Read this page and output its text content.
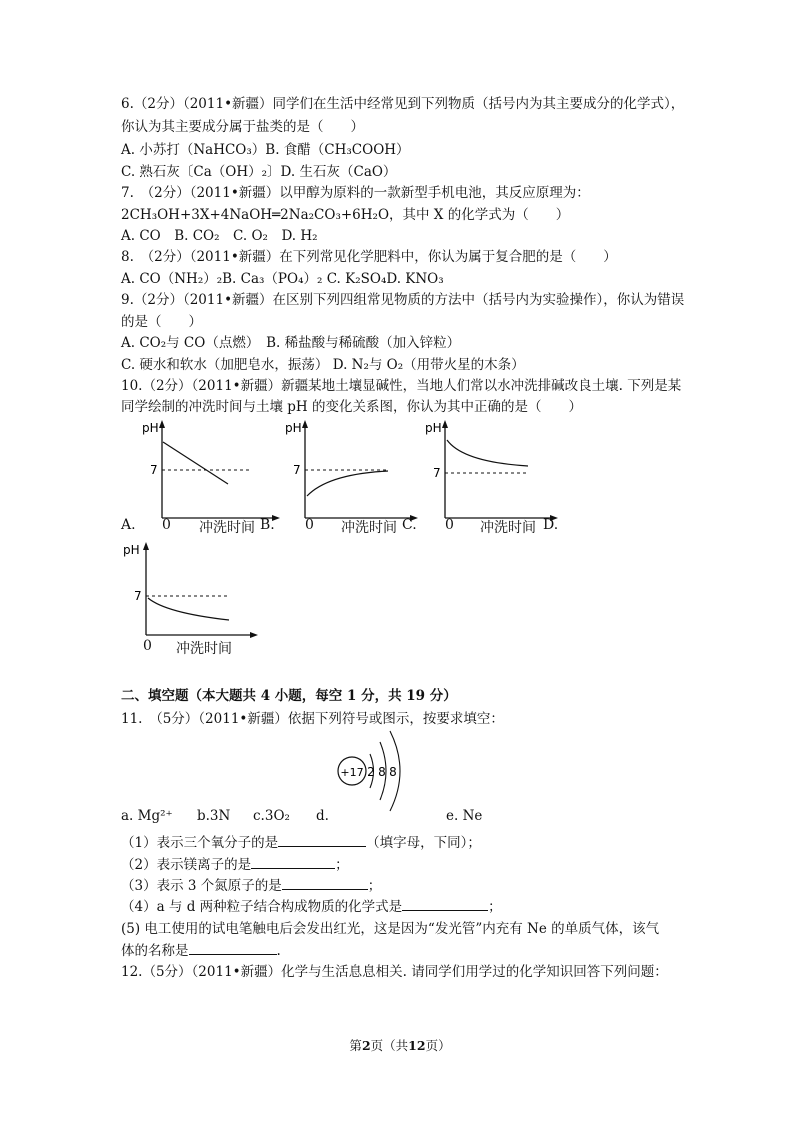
6.（2分）（2011•新疆）同学们在生活中经常见到下列物质（括号内为其主要成分的化学式），
你认为其主要成分属于盐类的是（　　）
A. 小苏打（NaHCO₃）B. 食醋（CH₃COOH）
C. 熟石灰〔Ca（OH）₂〕D. 生石灰（CaO）
7.　（2分）（2011•新疆）以甲醇为原料的一款新型手机电池，其反应原理为：
2CH₃OH+3X+4NaOH═2Na₂CO₃+6H₂O，其中 X 的化学式为（　　）
A. CO　B. CO₂　C. O₂　D. H₂
8.　（2分）（2011•新疆）在下列常见化学肥料中，你认为属于复合肥的是（　　）
A. CO（NH₂）₂B. Ca₃（PO₄）₂ C. K₂SO₄D. KNO₃
9.（2分）（2011•新疆）在区别下列四组常见物质的方法中（括号内为实验操作），你认为错误
的是（　　）
A. CO₂与 CO（点燃）　B. 稀盐酸与稀硫酸（加入锌粒）
C. 硬水和软水（加肥皂水，振荡） D. N₂与 O₂（用带火星的木条）
10.（2分）（2011•新疆）新疆某地土壤显碱性，当地人们常以水冲洗排碱改良土壤. 下列是某
同学绘制的冲洗时间与土壤 pH 的变化关系图，你认为其中正确的是（　　）
pH
7
A. 0 冲洗时间 B.
pH
7
0 冲洗时间 C.
pH
7
0 冲洗时间 D.
pH
7
0 冲洗时间
二、填空题（本大题共 4 小题，每空 1 分，共 19 分）
11.　（5分）（2011•新疆）依据下列符号或图示，按要求填空：
+17 2 8 8
a. Mg²⁺ b.3N c.3O₂ d.	e. Ne
（1）表示三个氧分子的是	（填字母，下同）；
（2）表示镁离子的是	；
（3）表示 3 个氮原子的是	；
（4）a 与 d 两种粒子结合构成物质的化学式是	；
(5) 电工使用的试电笔触电后会发出红光，这是因为“发光管”内充有 Ne 的单质气体，该气
体的名称是	.
12.（5分）（2011•新疆）化学与生活息息相关. 请同学们用学过的化学知识回答下列问题：
第2页（共12页）
